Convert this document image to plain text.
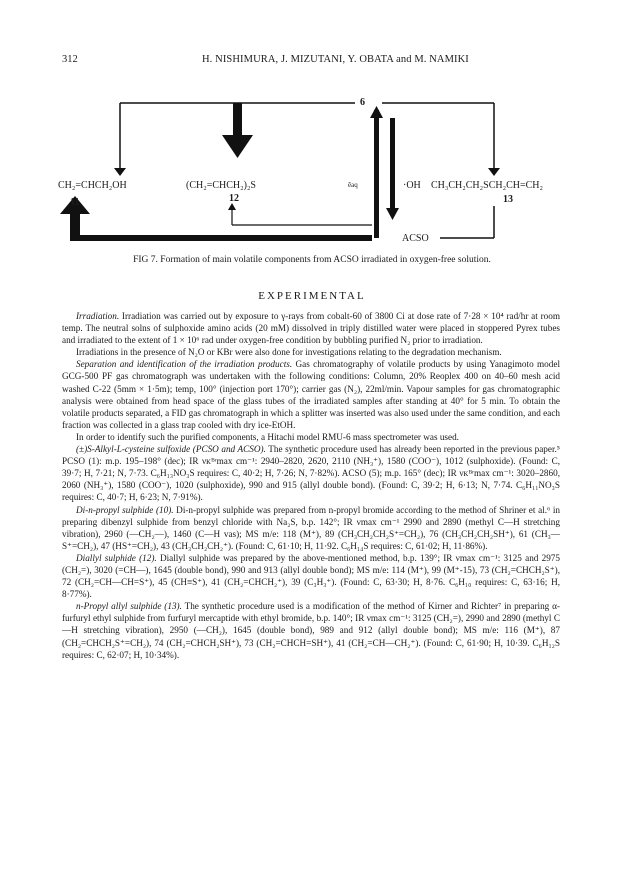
312	H. NISHIMURA, J. MIZUTANI, Y. OBATA and M. NAMIKI
6
CH₂=CHCH₂OH	(CH₂=CHCH₂)₂S	ēaq	·OH CH₃CH₂CH₂SCH₂CH=CH₂
11	12	13
ACSO
FIG 7. Formation of main volatile components from ACSO irradiated in oxygen-free solution.
EXPERIMENTAL

Irradiation. Irradiation was carried out by exposure to γ-rays from cobalt-60 of 3800 Ci at dose rate of 7·28 × 10⁴ rad/hr at room temp. The neutral solns of sulphoxide amino acids (20 mM) dissolved in triply distilled water were placed in stoppered Pyrex tubes and irradiated to the extent of 1 × 10⁶ rad under oxygen-free condition by bubbling purified N₂ prior to irradiation.

Irradiations in the presence of N₂O or KBr were also done for investigations relating to the degradation mechanism.

Separation and identification of the irradiation products. Gas chromatography of volatile products by using Yanagimoto model GCG-500 PF gas chromatograph was undertaken with the following conditions: Column, 20% Reoplex 400 on 40–60 mesh acid washed C-22 (5mm × 1·5m); temp, 100° (injection port 170°); carrier gas (N₂), 22ml/min. Vapour samples for gas chromatographic analysis were obtained from head space of the glass tubes of the irradiated samples after standing at 40° for 5 min. To obtain the volatile products separated, a FID gas chromatograph in which a splitter was inserted was also used under the same condition, and each fraction was collected in a glass trap cooled with dry ice-EtOH.

In order to identify such the purified components, a Hitachi model RMU-6 mass spectrometer was used.

(±)S-Alkyl-L-cysteine sulfoxide (PCSO and ACSO). The synthetic procedure used has already been reported in the previous paper.⁵ PCSO (1): m.p. 195–198° (dec); IR νᴋᴮʳmax cm⁻¹: 2940–2820, 2620, 2110 (NH₃⁺), 1580 (COO⁻), 1012 (sulphoxide). (Found: C, 39·7; H, 7·21; N, 7·73. C₆H₁₃NO₃S requires: C, 40·2; H, 7·26; N, 7·82%). ACSO (5); m.p. 165° (dec); IR νᴋᴮʳmax cm⁻¹: 3020–2860, 2060 (NH₃⁺), 1580 (COO⁻), 1020 (sulphoxide), 990 and 915 (allyl double bond). (Found: C, 39·2; H, 6·13; N, 7·74. C₆H₁₁NO₃S requires: C, 40·7; H, 6·23; N, 7·91%).

Di-n-propyl sulphide (10). Di-n-propyl sulphide was prepared from n-propyl bromide according to the method of Shriner et al.⁶ in preparing dibenzyl sulphide from benzyl chloride with Na₂S, b.p. 142°; IR νmax cm⁻¹ 2990 and 2890 (methyl C—H stretching vibration), 2960 (—CH₂—), 1460 (C—H vas); MS m/e: 118 (M⁺), 89 (CH₃CH₂CH₂S⁺=CH₂), 76 (CH₃CH₂CH₂SH⁺), 61 (CH₃—S⁺=CH₂), 47 (HS⁺=CH₂), 43 (CH₃CH₂CH₂⁺). (Found: C, 61·10; H, 11·92. C₆H₁₄S requires: C, 61·02; H, 11·86%).

Diallyl sulphide (12). Diallyl sulphide was prepared by the above-mentioned method, b.p. 139°; IR νmax cm⁻¹: 3125 and 2975 (CH₂=), 3020 (=CH—), 1645 (double bond), 990 and 913 (allyl double bond); MS m/e: 114 (M⁺), 99 (M⁺-15), 73 (CH₂=CHCH₂S⁺), 72 (CH₂=CH—CH=S⁺), 45 (CH≡S⁺), 41 (CH₂=CHCH₂⁺), 39 (C₃H₃⁺). (Found: C, 63·30; H, 8·76. C₆H₁₀ requires: C, 63·16; H, 8·77%).

n-Propyl allyl sulphide (13). The synthetic procedure used is a modification of the method of Kirner and Richter⁷ in preparing α-furfuryl ethyl sulphide from furfuryl mercaptide with ethyl bromide, b.p. 140°; IR νmax cm⁻¹: 3125 (CH₂=), 2990 and 2890 (methyl C—H stretching vibration), 2950 (—CH₂), 1645 (double bond), 989 and 912 (allyl double bond); MS m/e: 116 (M⁺), 87 (CH₂=CHCH₂S⁺=CH₂), 74 (CH₂=CHCH₂SH⁺), 73 (CH₂=CHCH=SH⁺), 41 (CH₂=CH—CH₂⁺). (Found: C, 61·90; H, 10·39. C₆H₁₂S requires: C, 62·07; H, 10·34%).
